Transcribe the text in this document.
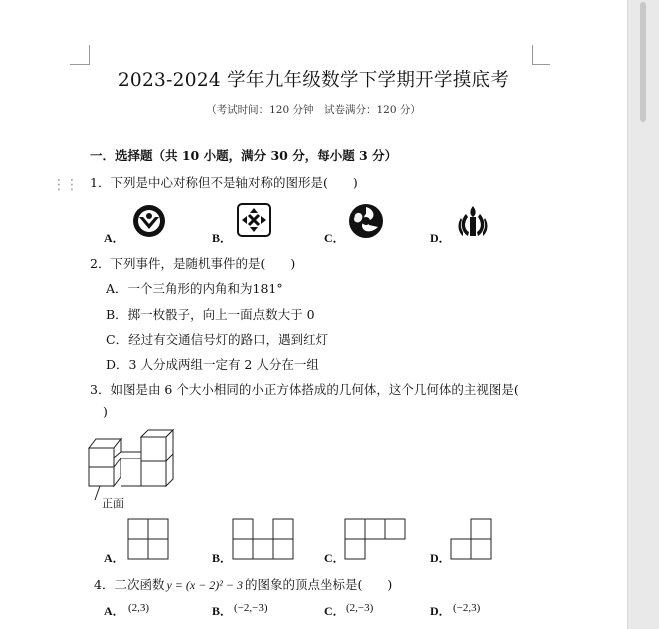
⋮⋮
2023-2024 学年九年级数学下学期开学摸底考
（考试时间：120 分钟　试卷满分：120 分）
一．选择题（共 10 小题，满分 30 分，每小题 3 分）
1．下列是中心对称但不是轴对称的图形是(　　)
A．	B．	C．	D．
2．下列事件，是随机事件的是(　　)
A．一个三角形的内角和为181°
B．掷一枚骰子，向上一面点数大于 0
C．经过有交通信号灯的路口，遇到红灯
D．3 人分成两组一定有 2 人分在一组
3．如图是由 6 个大小相同的小正方体搭成的几何体，这个几何体的主视图是(
)
正面
A．	B．	C．	D．
4．二次函数 y = (x − 2)² − 3 的图象的顶点坐标是(　　)
A． (2,3)	B． (−2,−3)	C． (2,−3)	D． (−2,3)
